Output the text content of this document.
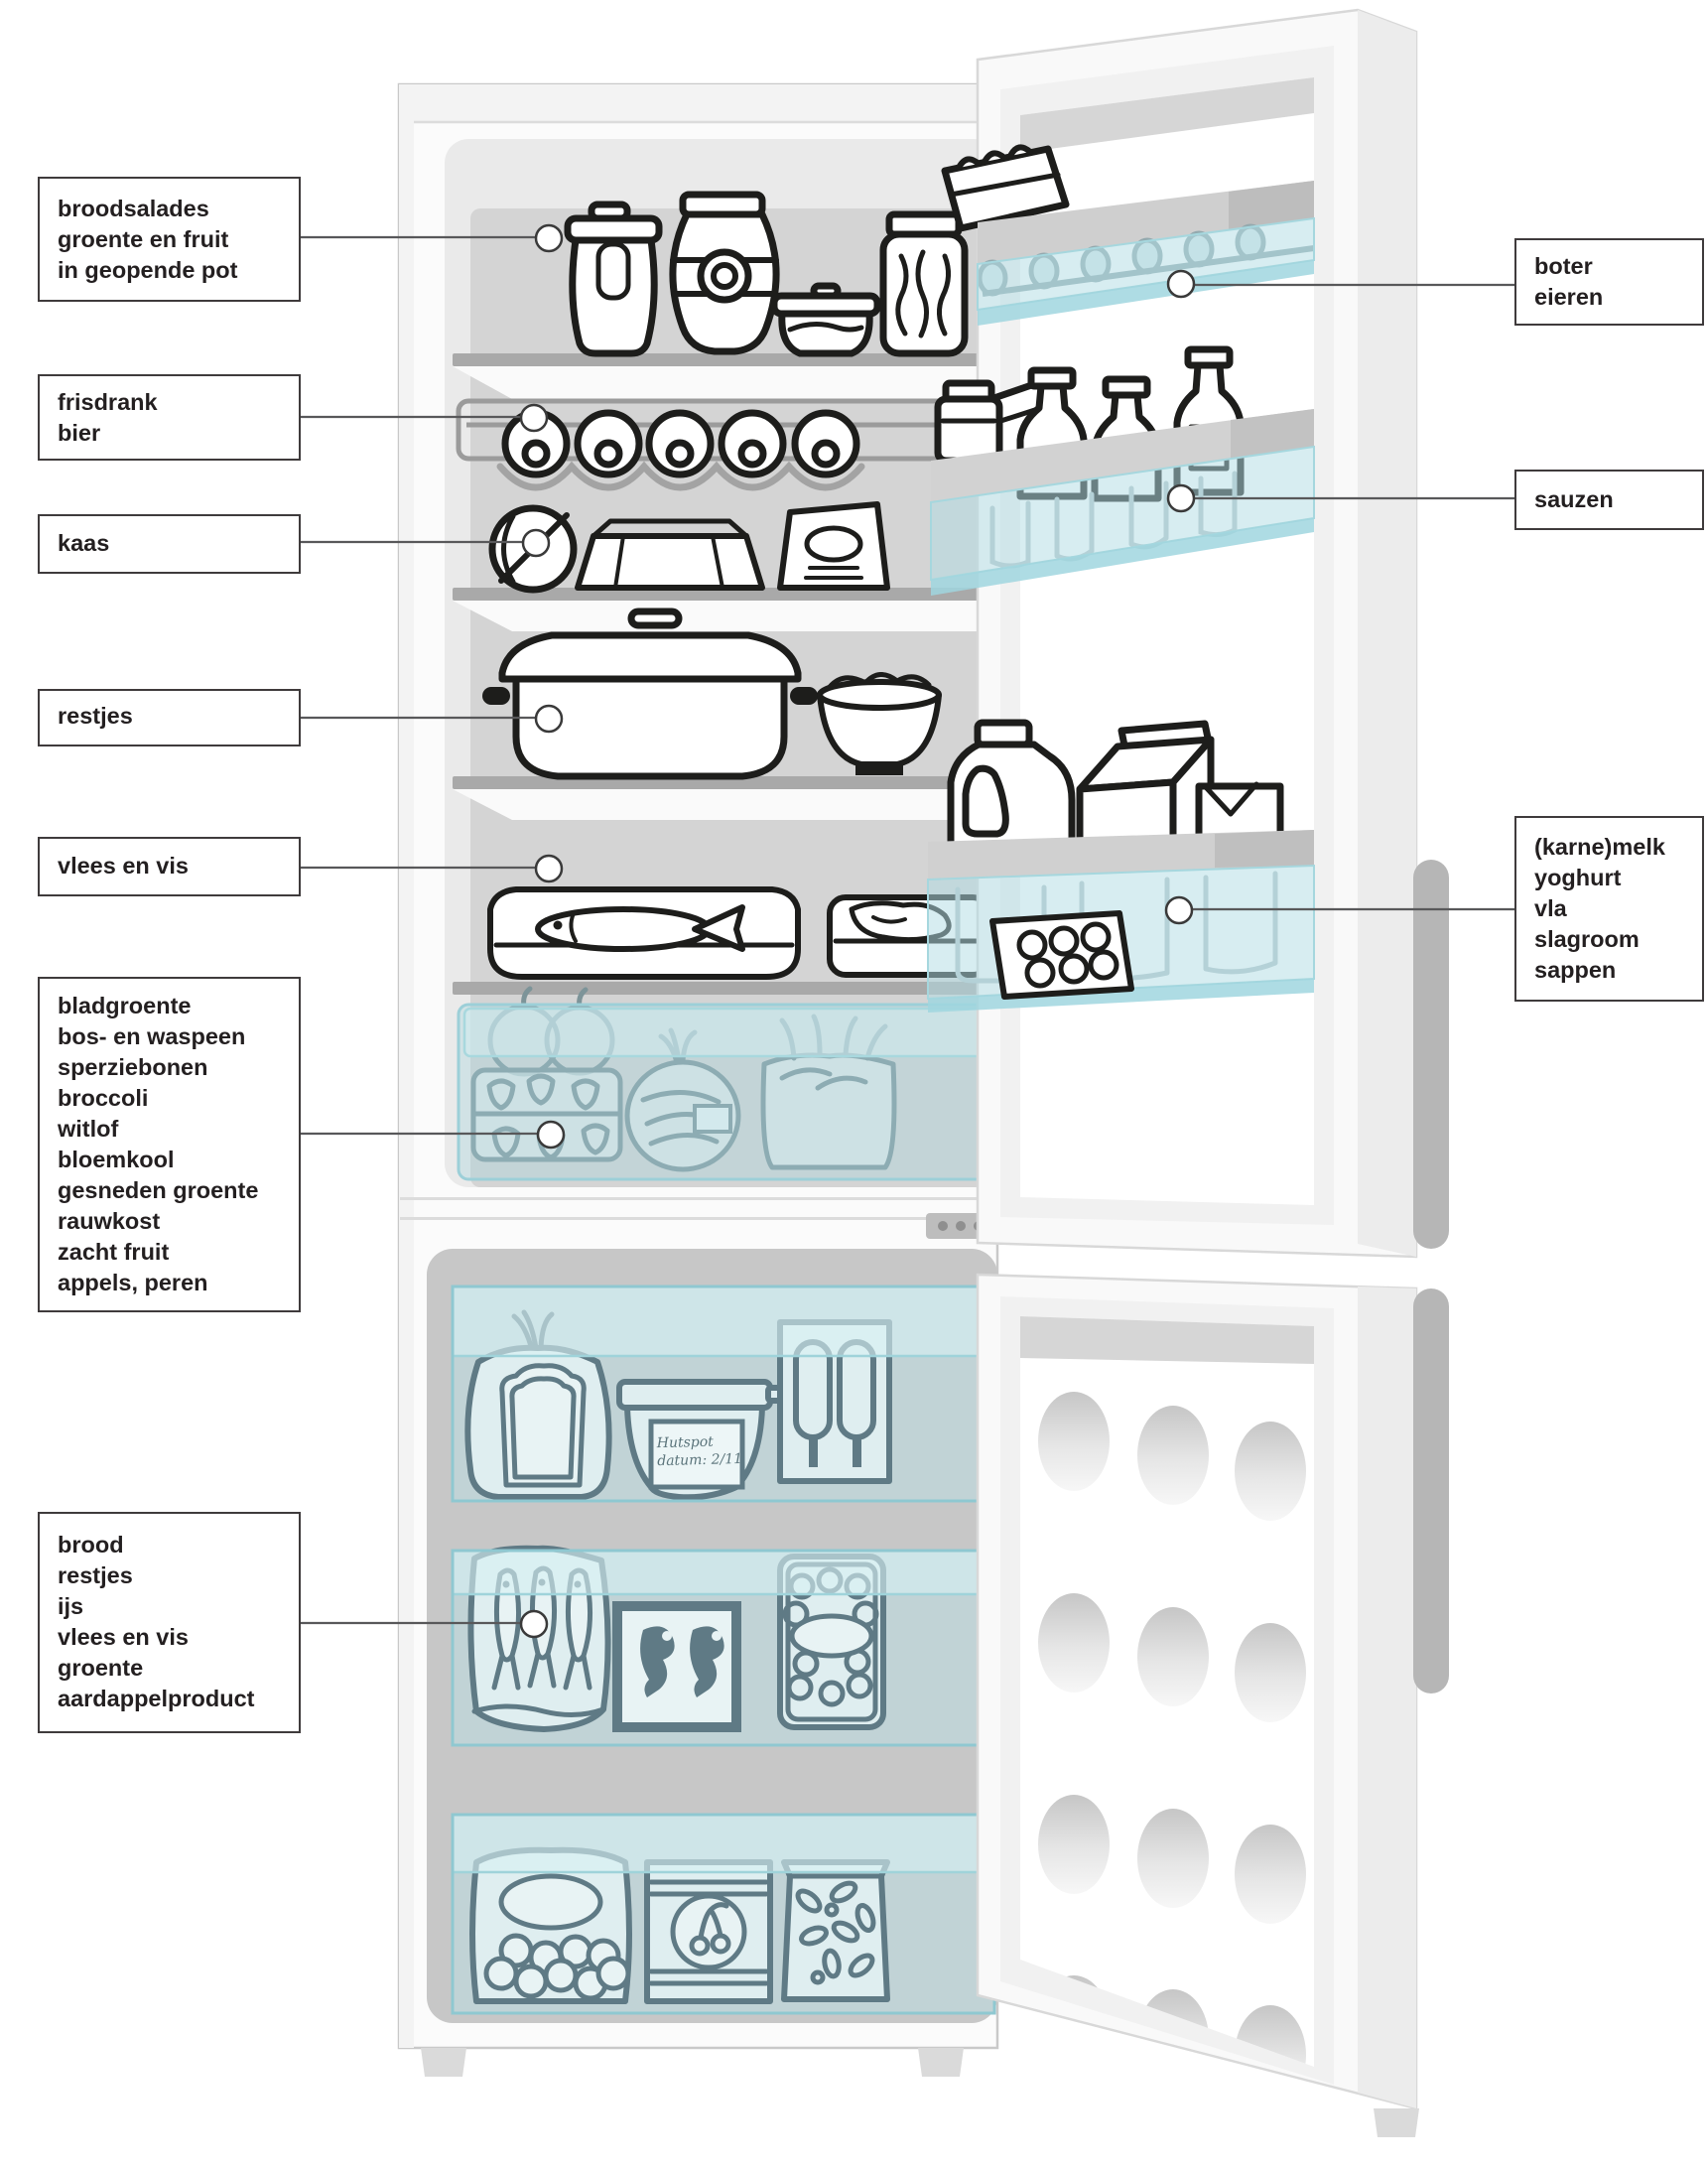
Hutspot
datum: 2/11
broodsalades
groente en fruit
in geopende pot
frisdrank
bier
kaas
restjes
vlees en vis
bladgroente
bos- en waspeen
sperziebonen
broccoli
witlof
bloemkool
gesneden groente
rauwkost
zacht fruit
appels, peren
brood
restjes
ijs
vlees en vis
groente
aardappelproduct
boter
eieren
sauzen
(karne)melk
yoghurt
vla
slagroom
sappen
